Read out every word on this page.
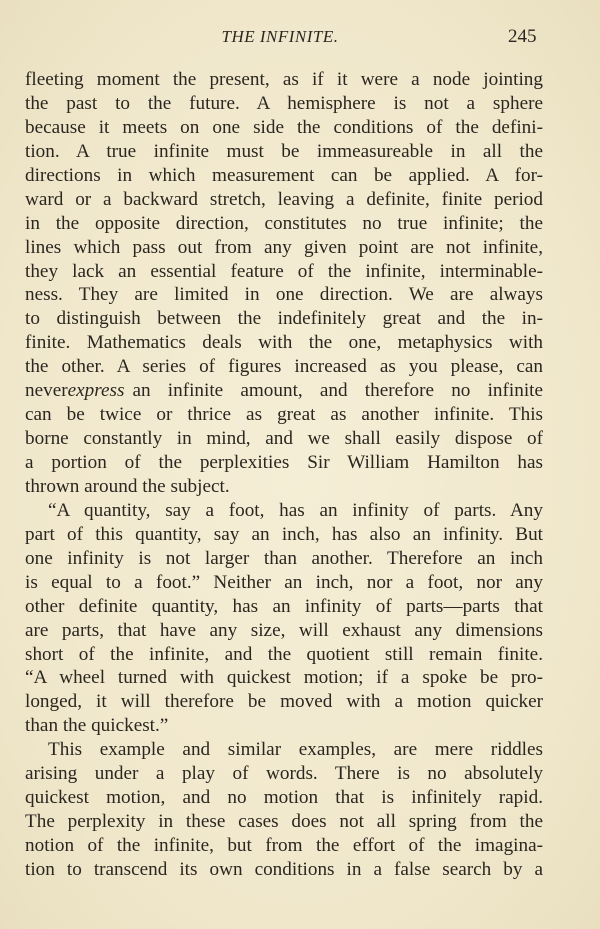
THE INFINITE.	245
fleeting moment the present, as if it were a node jointing
the past to the future. A hemisphere is not a sphere
because it meets on one side the conditions of the defini-
tion. A true infinite must be immeasureable in all the
directions in which measurement can be applied. A for-
ward or a backward stretch, leaving a definite, finite period
in the opposite direction, constitutes no true infinite; the
lines which pass out from any given point are not infinite,
they lack an essential feature of the infinite, interminable-
ness. They are limited in one direction. We are always
to distinguish between the indefinitely great and the in-
finite. Mathematics deals with the one, metaphysics with
the other. A series of figures increased as you please, can
never express an infinite amount, and therefore no infinite
can be twice or thrice as great as another infinite. This
borne constantly in mind, and we shall easily dispose of
a portion of the perplexities Sir William Hamilton has
thrown around the subject.
“A quantity, say a foot, has an infinity of parts. Any
part of this quantity, say an inch, has also an infinity. But
one infinity is not larger than another. Therefore an inch
is equal to a foot.” Neither an inch, nor a foot, nor any
other definite quantity, has an infinity of parts—parts that
are parts, that have any size, will exhaust any dimensions
short of the infinite, and the quotient still remain finite.
“A wheel turned with quickest motion; if a spoke be pro-
longed, it will therefore be moved with a motion quicker
than the quickest.”
This example and similar examples, are mere riddles
arising under a play of words. There is no absolutely
quickest motion, and no motion that is infinitely rapid.
The perplexity in these cases does not all spring from the
notion of the infinite, but from the effort of the imagina-
tion to transcend its own conditions in a false search by a
